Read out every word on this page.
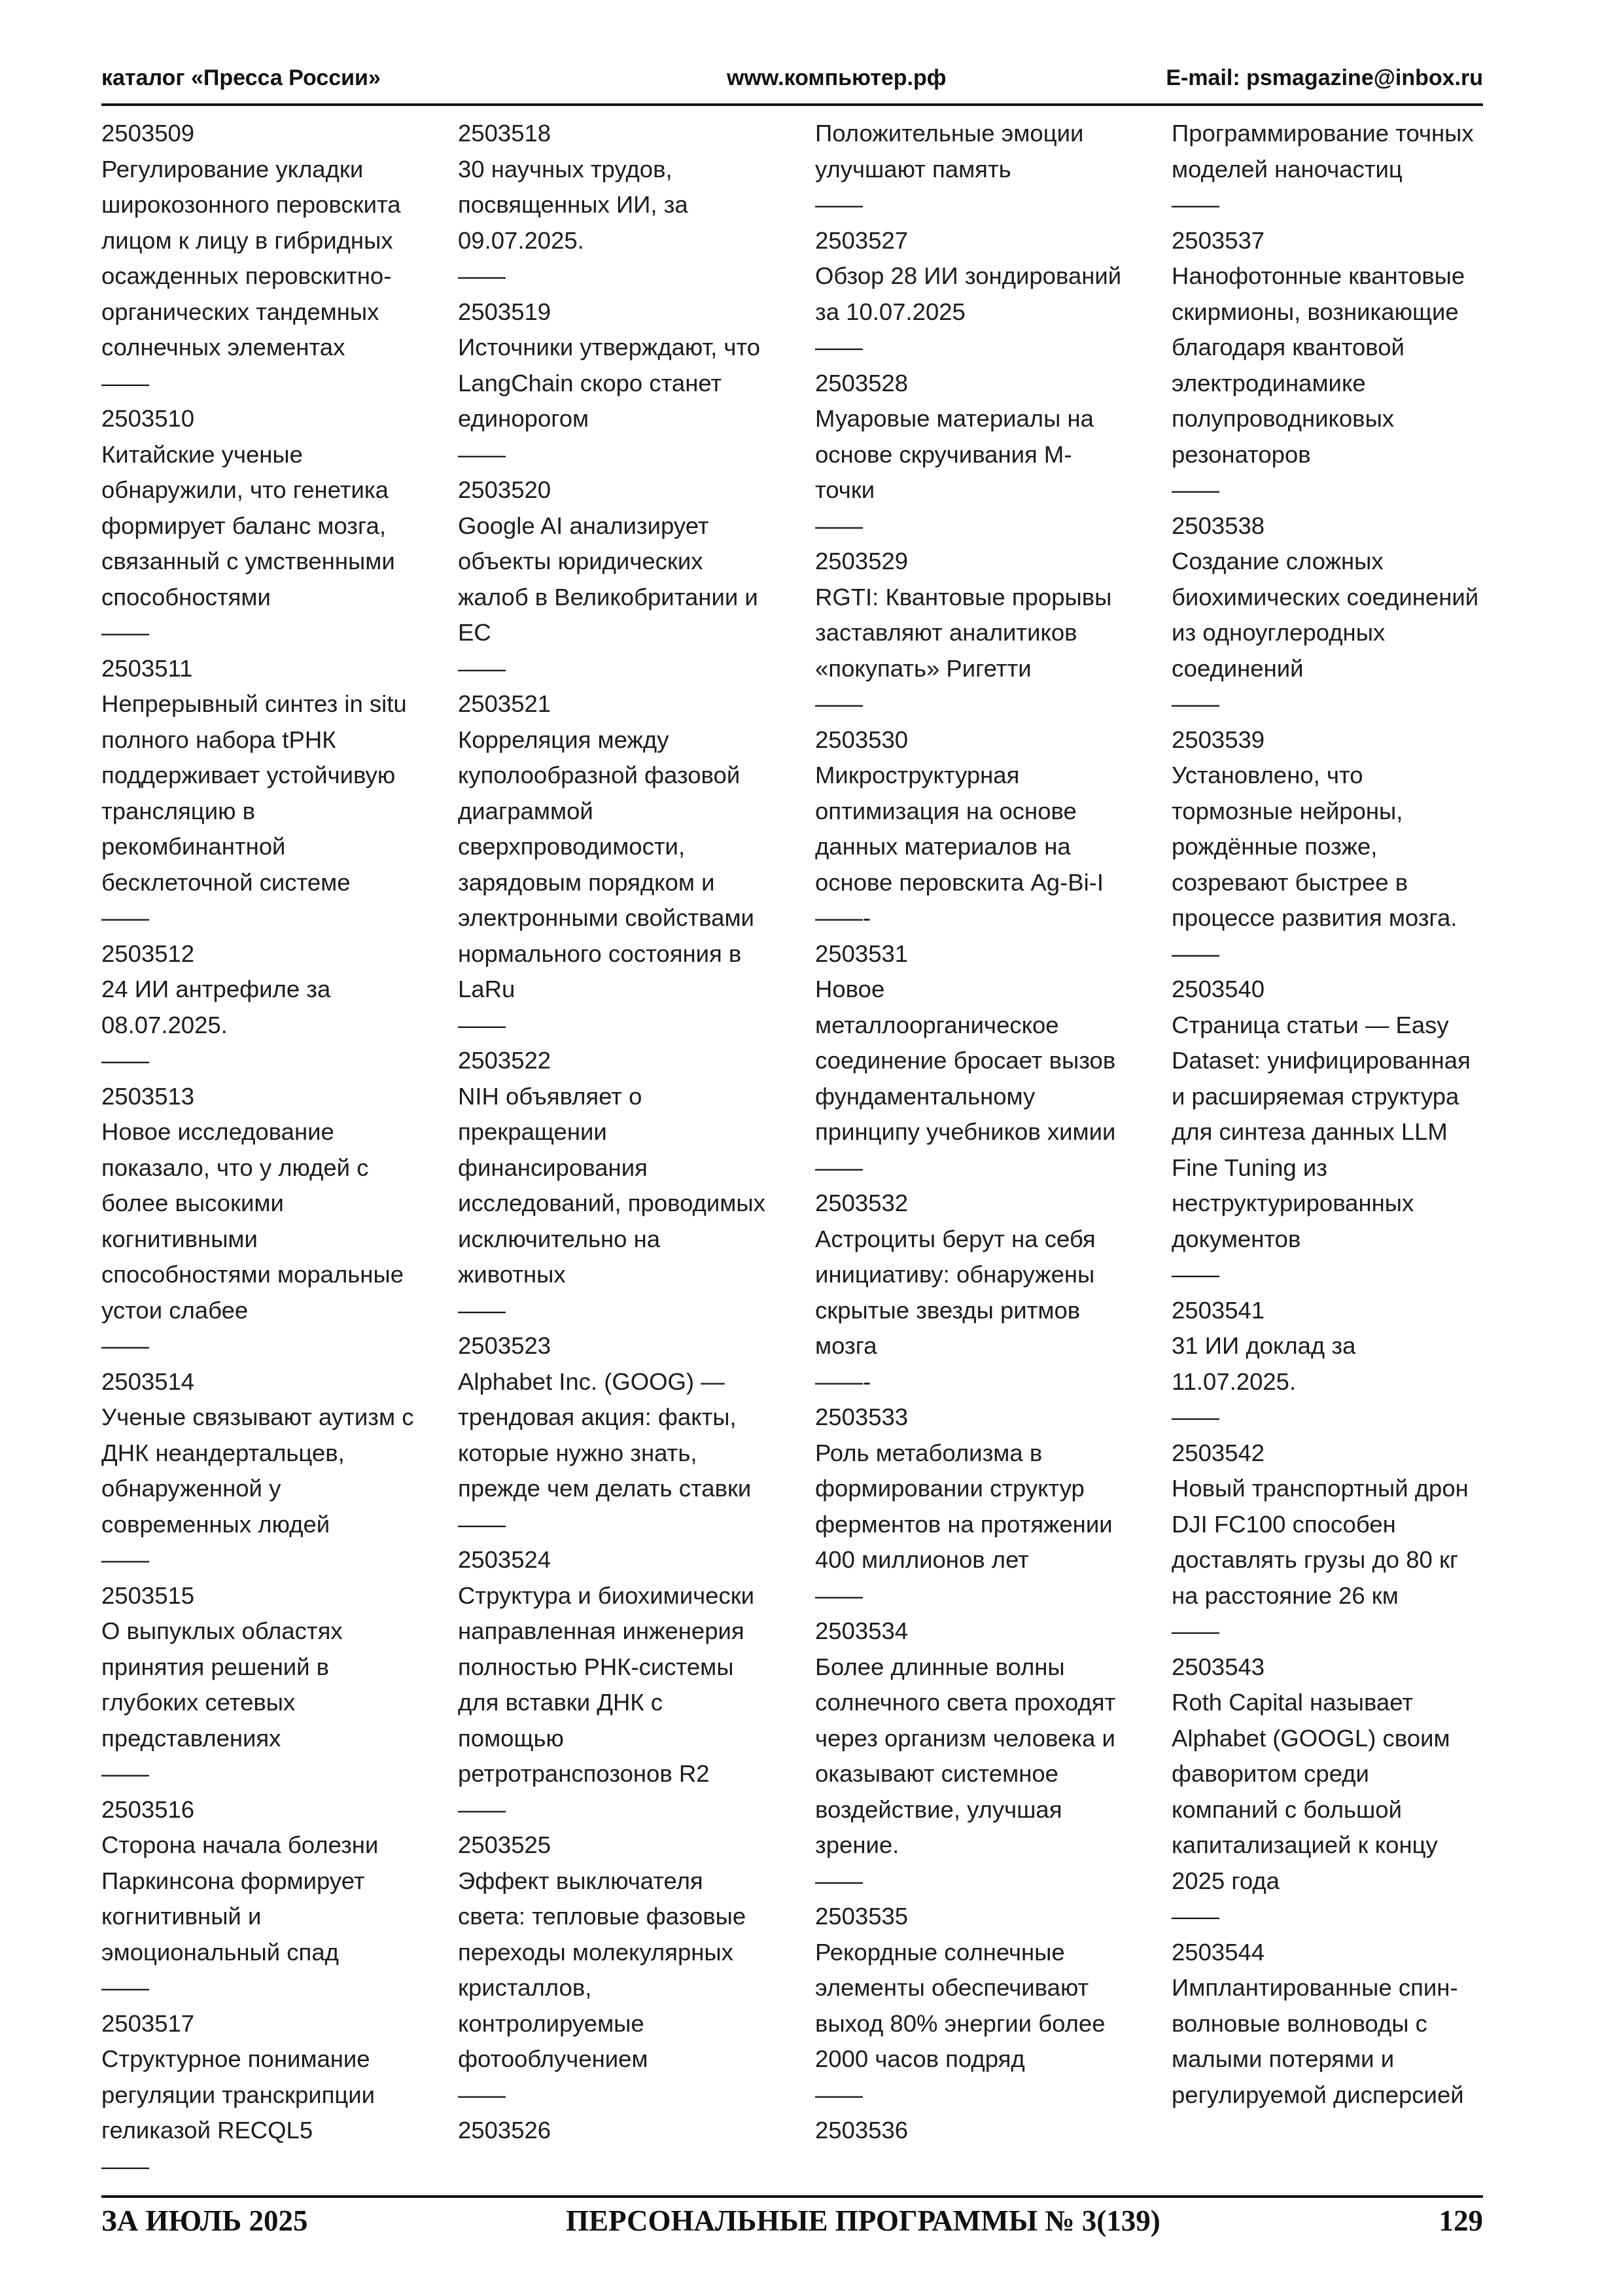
каталог «Пресса России»	www.компьютер.рф	E-mail: psmagazine@inbox.ru
2503509
Регулирование укладки
широкозонного перовскита
лицом к лицу в гибридных
осажденных перовскитно-
органических тандемных
солнечных элементах
——
2503510
Китайские ученые
обнаружили, что генетика
формирует баланс мозга,
связанный с умственными
способностями
——
2503511
Непрерывный синтез in situ
полного набора tРНК
поддерживает устойчивую
трансляцию в
рекомбинантной
бесклеточной системе
——
2503512
24 ИИ антрефиле за
08.07.2025.
——
2503513
Новое исследование
показало, что у людей с
более высокими
когнитивными
способностями моральные
устои слабее
——
2503514
Ученые связывают аутизм с
ДНК неандертальцев,
обнаруженной у
современных людей
——
2503515
О выпуклых областях
принятия решений в
глубоких сетевых
представлениях
——
2503516
Сторона начала болезни
Паркинсона формирует
когнитивный и
эмоциональный спад
——
2503517
Структурное понимание
регуляции транскрипции
геликазой RECQL5
——
2503518
30 научных трудов,
посвященных ИИ, за
09.07.2025.
——
2503519
Источники утверждают, что
LangChain скоро станет
единорогом
——
2503520
Google AI анализирует
объекты юридических
жалоб в Великобритании и
ЕС
——
2503521
Корреляция между
куполообразной фазовой
диаграммой
сверхпроводимости,
зарядовым порядком и
электронными свойствами
нормального состояния в
LaRu
——
2503522
NIH объявляет о
прекращении
финансирования
исследований, проводимых
исключительно на
животных
——
2503523
Alphabet Inc. (GOOG) —
трендовая акция: факты,
которые нужно знать,
прежде чем делать ставки
——
2503524
Структура и биохимически
направленная инженерия
полностью РНК-системы
для вставки ДНК с
помощью
ретротранспозонов R2
——
2503525
Эффект выключателя
света: тепловые фазовые
переходы молекулярных
кристаллов,
контролируемые
фотооблучением
——
2503526
Положительные эмоции
улучшают память
——
2503527
Обзор 28 ИИ зондирований
за 10.07.2025
——
2503528
Муаровые материалы на
основе скручивания М-
точки
——
2503529
RGTI: Квантовые прорывы
заставляют аналитиков
«покупать» Ригетти
——
2503530
Микроструктурная
оптимизация на основе
данных материалов на
основе перовскита Ag-Bi-I
——-
2503531
Новое
металлоорганическое
соединение бросает вызов
фундаментальному
принципу учебников химии
——
2503532
Астроциты берут на себя
инициативу: обнаружены
скрытые звезды ритмов
мозга
——-
2503533
Роль метаболизма в
формировании структур
ферментов на протяжении
400 миллионов лет
——
2503534
Более длинные волны
солнечного света проходят
через организм человека и
оказывают системное
воздействие, улучшая
зрение.
——
2503535
Рекордные солнечные
элементы обеспечивают
выход 80% энергии более
2000 часов подряд
——
2503536
Программирование точных
моделей наночастиц
——
2503537
Нанофотонные квантовые
скирмионы, возникающие
благодаря квантовой
электродинамике
полупроводниковых
резонаторов
——
2503538
Создание сложных
биохимических соединений
из одноуглеродных
соединений
——
2503539
Установлено, что
тормозные нейроны,
рождённые позже,
созревают быстрее в
процессе развития мозга.
——
2503540
Страница статьи — Easy
Dataset: унифицированная
и расширяемая структура
для синтеза данных LLM
Fine Tuning из
неструктурированных
документов
——
2503541
31 ИИ доклад за
11.07.2025.
——
2503542
Новый транспортный дрон
DJI FC100 способен
доставлять грузы до 80 кг
на расстояние 26 км
——
2503543
Roth Capital называет
Alphabet (GOOGL) своим
фаворитом среди
компаний с большой
капитализацией к концу
2025 года
——
2503544
Имплантированные спин-
волновые волноводы с
малыми потерями и
регулируемой дисперсией
ЗА ИЮЛЬ 2025	ПЕРСОНАЛЬНЫЕ ПРОГРАММЫ № 3(139)	129
